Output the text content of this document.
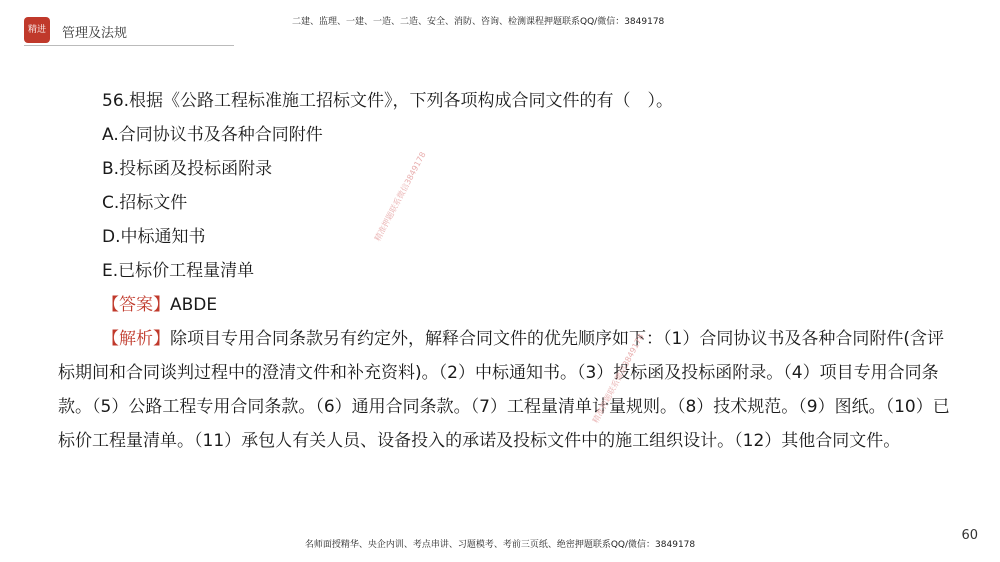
精进	管理及法规
二建、监理、一建、一造、二造、安全、消防、咨询、检测课程押题联系QQ/微信：3849178
56.根据《公路工程标准施工招标文件》，下列各项构成合同文件的有（　）。
A.合同协议书及各种合同附件
B.投标函及投标函附录
C.招标文件
D.中标通知书
E.已标价工程量清单
【答案】ABDE
【解析】除项目专用合同条款另有约定外，解释合同文件的优先顺序如下：（1）合同协议书及各种合同附件(含评标期间和合同谈判过程中的澄清文件和补充资料)。（2）中标通知书。（3）投标函及投标函附录。（4）项目专用合同条款。（5）公路工程专用合同条款。（6）通用合同条款。（7）工程量清单计量规则。（8）技术规范。（9）图纸。（10）已标价工程量清单。（11）承包人有关人员、设备投入的承诺及投标文件中的施工组织设计。（12）其他合同文件。
精准押题联系微信3849178
精准押题联系微信3849178
名师面授精华、央企内训、考点串讲、习题模考、考前三页纸、绝密押题联系QQ/微信：3849178
60
